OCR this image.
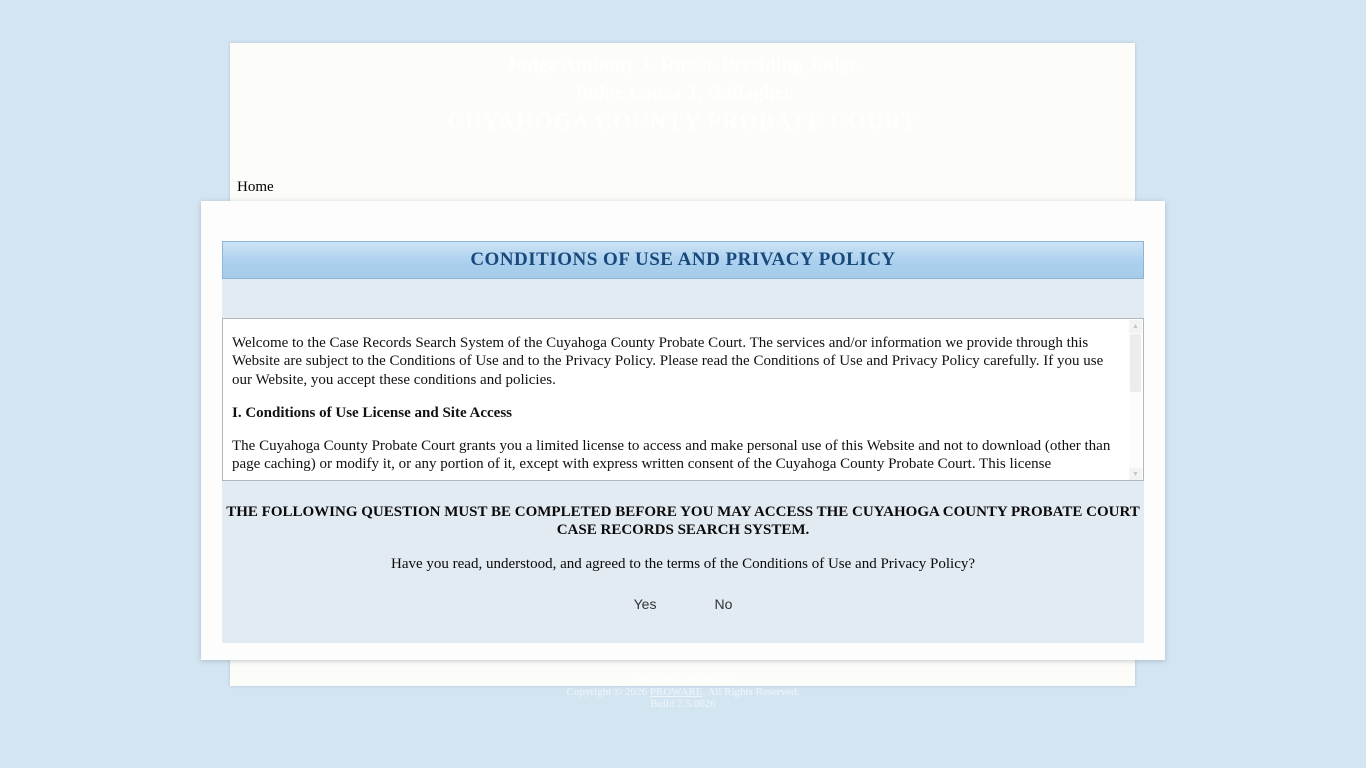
Judge Anthony J. Russo, Presiding Judge
Judge Laura J. Gallagher
CUYAHOGA COUNTY PROBATE COURT
Home
CONDITIONS OF USE AND PRIVACY POLICY

Welcome to the Case Records Search System of the Cuyahoga County Probate Court. The services and/or information we provide through this Website are subject to the Conditions of Use and to the Privacy Policy. Please read the Conditions of Use and Privacy Policy carefully. If you use our Website, you accept these conditions and policies.

I. Conditions of Use License and Site Access

The Cuyahoga County Probate Court grants you a limited license to access and make personal use of this Website and not to download (other than page caching) or modify it, or any portion of it, except with express written consent of the Cuyahoga County Probate Court. This license

▲
▼
THE FOLLOWING QUESTION MUST BE COMPLETED BEFORE YOU MAY ACCESS THE CUYAHOGA COUNTY PROBATE COURT CASE RECORDS SEARCH SYSTEM.
Have you read, understood, and agreed to the terms of the Conditions of Use and Privacy Policy?
Yes	No
Comments to Webmaster
Copyright © 2026 PROWARE. All Rights Reserved.
Build 2.5.0626
